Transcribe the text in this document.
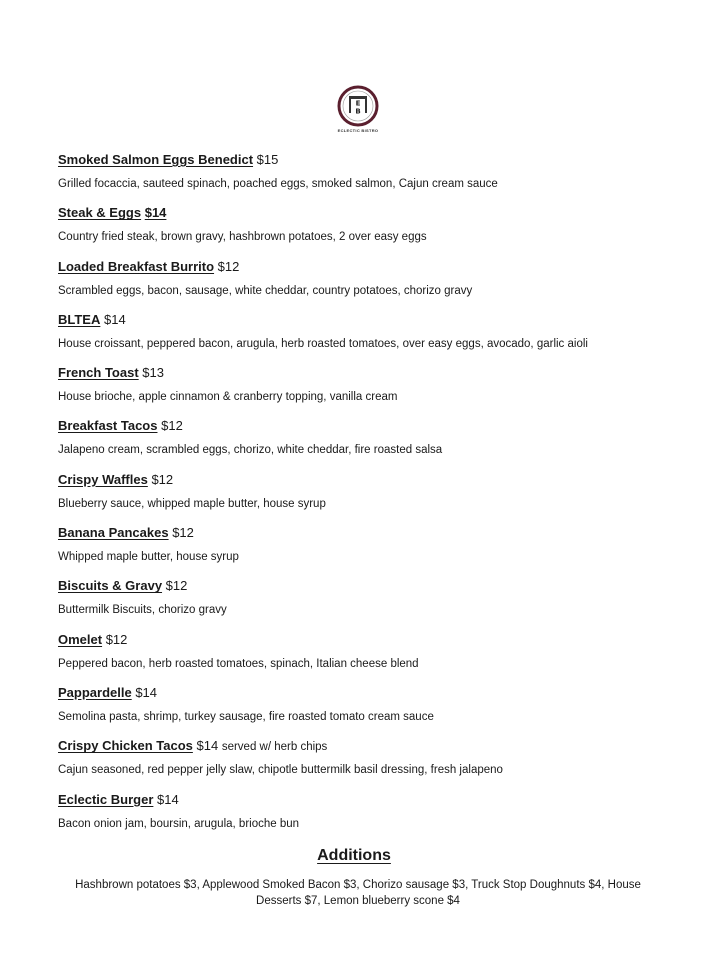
E
B
ECLECTIC BISTRO

Smoked Salmon Eggs Benedict $15

Grilled focaccia, sauteed spinach, poached eggs, smoked salmon, Cajun cream sauce

Steak & Eggs $14

Country fried steak, brown gravy, hashbrown potatoes, 2 over easy eggs

Loaded Breakfast Burrito $12

Scrambled eggs, bacon, sausage, white cheddar, country potatoes, chorizo gravy

BLTEA $14

House croissant, peppered bacon, arugula, herb roasted tomatoes, over easy eggs, avocado, garlic aioli

French Toast $13

House brioche, apple cinnamon & cranberry topping, vanilla cream

Breakfast Tacos $12

Jalapeno cream, scrambled eggs, chorizo, white cheddar, fire roasted salsa

Crispy Waffles $12

Blueberry sauce, whipped maple butter, house syrup

Banana Pancakes $12

Whipped maple butter, house syrup

Biscuits & Gravy $12

Buttermilk Biscuits, chorizo gravy

Omelet $12

Peppered bacon, herb roasted tomatoes, spinach, Italian cheese blend

Pappardelle $14

Semolina pasta, shrimp, turkey sausage, fire roasted tomato cream sauce

Crispy Chicken Tacos $14 served w/ herb chips

Cajun seasoned, red pepper jelly slaw, chipotle buttermilk basil dressing, fresh jalapeno

Eclectic Burger $14

Bacon onion jam, boursin, arugula, brioche bun

Additions
Hashbrown potatoes $3, Applewood Smoked Bacon $3, Chorizo sausage $3, Truck Stop Doughnuts $4, House Desserts $7, Lemon blueberry scone $4
